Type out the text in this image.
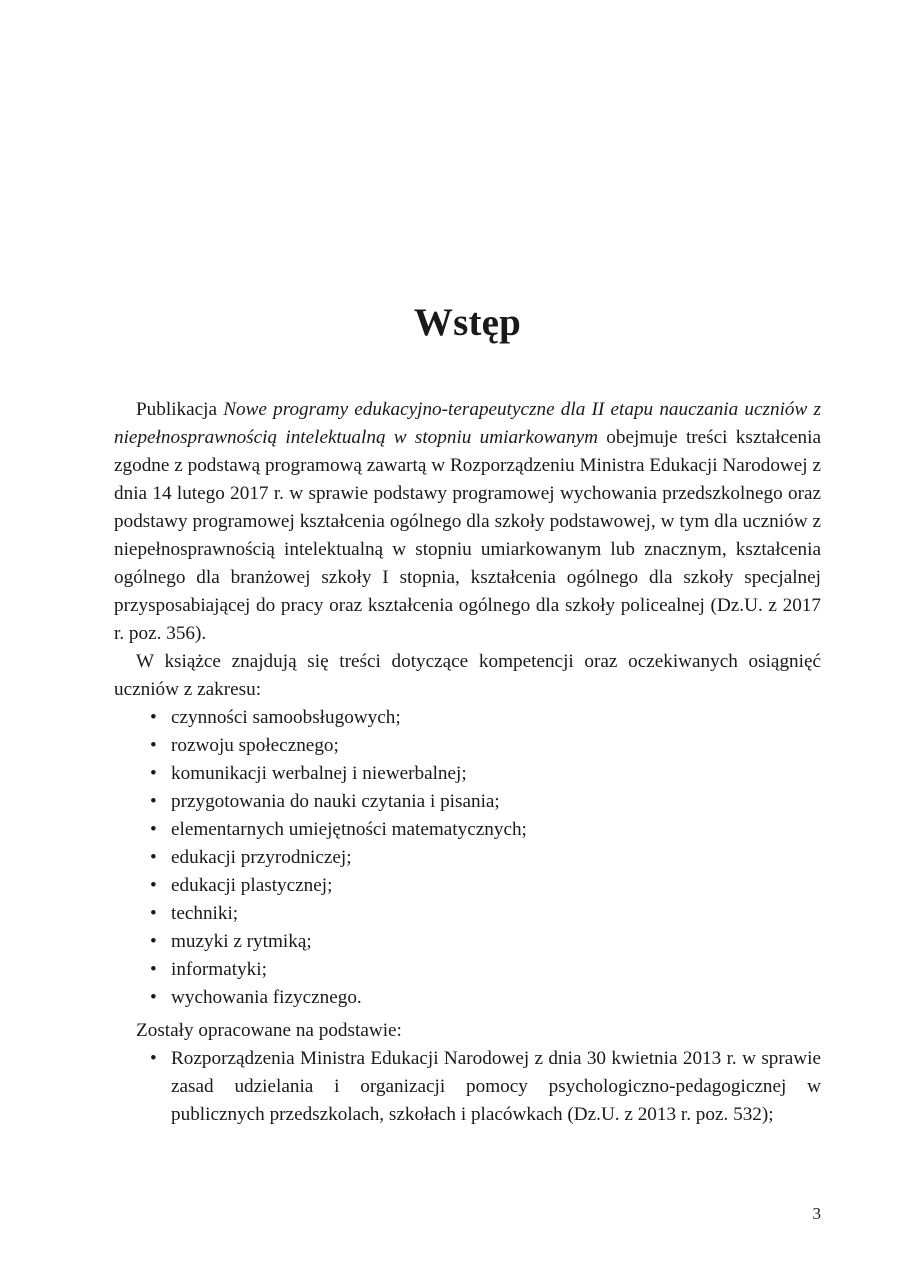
Wstęp

Publikacja Nowe programy edukacyjno-terapeutyczne dla II etapu nauczania uczniów z niepełnosprawnością intelektualną w stopniu umiarkowanym obejmuje treści kształcenia zgodne z podstawą programową zawartą w Rozporządzeniu Ministra Edukacji Narodowej z dnia 14 lutego 2017 r. w sprawie podstawy programowej wychowania przedszkolnego oraz podstawy programowej kształcenia ogólnego dla szkoły podstawowej, w tym dla uczniów z niepełnosprawnością intelektualną w stopniu umiarkowanym lub znacznym, kształcenia ogólnego dla branżowej szkoły I stopnia, kształcenia ogólnego dla szkoły specjalnej przysposabiającej do pracy oraz kształcenia ogólnego dla szkoły policealnej (Dz.U. z 2017 r. poz. 356).

W książce znajdują się treści dotyczące kompetencji oraz oczekiwanych osiągnięć uczniów z zakresu:

• czynności samoobsługowych;
• rozwoju społecznego;
• komunikacji werbalnej i niewerbalnej;
• przygotowania do nauki czytania i pisania;
• elementarnych umiejętności matematycznych;
• edukacji przyrodniczej;
• edukacji plastycznej;
• techniki;
• muzyki z rytmiką;
• informatyki;
• wychowania fizycznego.

Zostały opracowane na podstawie:

• Rozporządzenia Ministra Edukacji Narodowej z dnia 30 kwietnia 2013 r. w sprawie zasad udzielania i organizacji pomocy psychologiczno-pedagogicznej w publicznych przedszkolach, szkołach i placówkach (Dz.U. z 2013 r. poz. 532);
3
